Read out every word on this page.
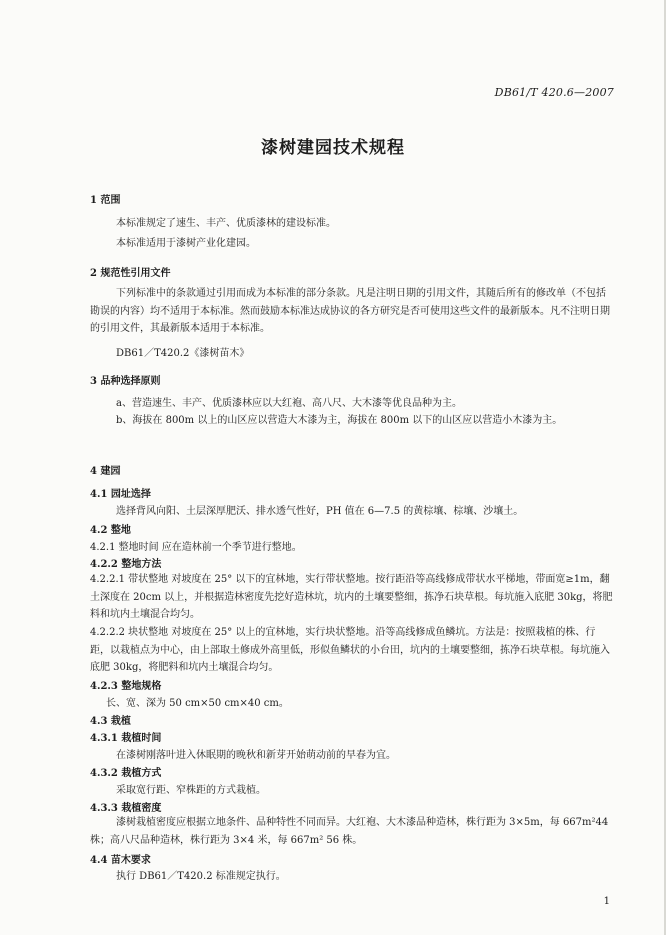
DB61/T 420.6—2007
漆树建园技术规程
1 范围
本标准规定了速生、丰产、优质漆林的建设标准。
本标准适用于漆树产业化建园。
2 规范性引用文件
下列标准中的条款通过引用而成为本标准的部分条款。凡是注明日期的引用文件，其随后所有的修改单（不包括勘误的内容）均不适用于本标准。然而鼓励本标准达成协议的各方研究是否可使用这些文件的最新版本。凡不注明日期的引用文件，其最新版本适用于本标准。
DB61／T420.2《漆树苗木》
3 品种选择原则
a、营造速生、丰产、优质漆林应以大红袍、高八尺、大木漆等优良品种为主。
b、海拔在 800m 以上的山区应以营造大木漆为主，海拔在 800m 以下的山区应以营造小木漆为主。
4 建园
4.1 园址选择
选择背风向阳、土层深厚肥沃、排水透气性好，PH 值在 6—7.5 的黄棕壤、棕壤、沙壤土。
4.2 整地
4.2.1 整地时间 应在造林前一个季节进行整地。
4.2.2 整地方法
4.2.2.1 带状整地 对坡度在 25° 以下的宜林地，实行带状整地。按行距沿等高线修成带状水平梯地，带面宽≥1m，翻土深度在 20cm 以上，并根据造林密度先挖好造林坑，坑内的土壤要整细，拣净石块草根。每坑施入底肥 30kg，将肥料和坑内土壤混合均匀。
4.2.2.2 块状整地 对坡度在 25° 以上的宜林地，实行块状整地。沿等高线修成鱼鳞坑。方法是：按照栽植的株、行距，以栽植点为中心，由上部取土修成外高里低，形似鱼鳞状的小台田，坑内的土壤要整细，拣净石块草根。每坑施入底肥 30kg，将肥料和坑内土壤混合均匀。
4.2.3 整地规格
长、宽、深为 50 cm×50 cm×40 cm。
4.3 栽植
4.3.1 栽植时间
在漆树刚落叶进入休眠期的晚秋和新芽开始萌动前的早春为宜。
4.3.2 栽植方式
采取宽行距、窄株距的方式栽植。
4.3.3 栽植密度
漆树栽植密度应根据立地条件、品种特性不同而异。大红袍、大木漆品种造林，株行距为 3×5m，每 667m²44 株；高八尺品种造林，株行距为 3×4 米，每 667m² 56 株。
4.4 苗木要求
执行 DB61／T420.2 标准规定执行。
1
